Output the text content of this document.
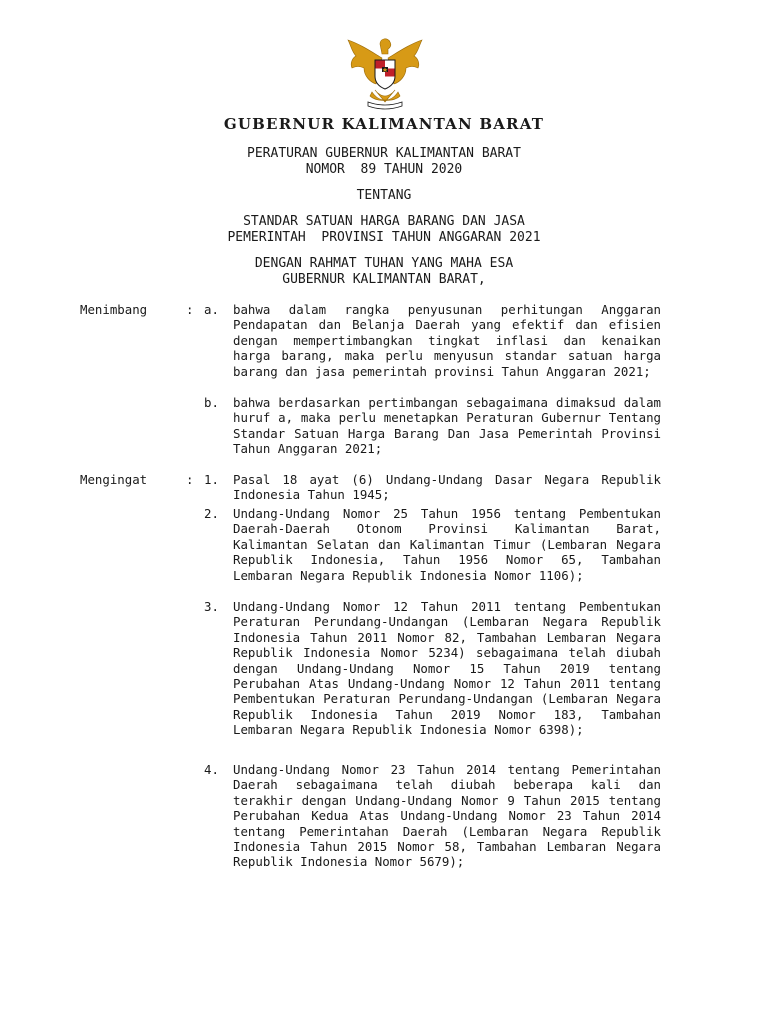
GUBERNUR KALIMANTAN BARAT
PERATURAN GUBERNUR KALIMANTAN BARAT
NOMOR  89 TAHUN 2020
TENTANG
STANDAR SATUAN HARGA BARANG DAN JASA
PEMERINTAH  PROVINSI TAHUN ANGGARAN 2021
DENGAN RAHMAT TUHAN YANG MAHA ESA
GUBERNUR KALIMANTAN BARAT,
Menimbang	: a. bahwa dalam rangka penyusunan perhitungan Anggaran Pendapatan dan Belanja Daerah yang efektif dan efisien dengan mempertimbangkan tingkat inflasi dan kenaikan harga barang, maka perlu menyusun standar satuan harga barang dan jasa pemerintah provinsi Tahun Anggaran 2021;
b. bahwa berdasarkan pertimbangan sebagaimana dimaksud dalam huruf a, maka perlu menetapkan Peraturan Gubernur Tentang Standar Satuan Harga Barang Dan Jasa Pemerintah Provinsi Tahun Anggaran 2021;
Mengingat	: 1. Pasal 18 ayat (6) Undang-Undang Dasar Negara Republik Indonesia Tahun 1945;
2. Undang-Undang Nomor 25 Tahun 1956 tentang Pembentukan Daerah-Daerah Otonom Provinsi Kalimantan Barat, Kalimantan Selatan dan Kalimantan Timur (Lembaran Negara Republik Indonesia, Tahun 1956 Nomor 65, Tambahan Lembaran Negara Republik Indonesia Nomor 1106);
3. Undang-Undang Nomor 12 Tahun 2011 tentang Pembentukan Peraturan Perundang-Undangan (Lembaran Negara Republik Indonesia Tahun 2011 Nomor 82, Tambahan Lembaran Negara Republik Indonesia Nomor 5234) sebagaimana telah diubah dengan Undang-Undang Nomor 15 Tahun 2019 tentang Perubahan Atas Undang-Undang Nomor 12 Tahun 2011 tentang Pembentukan Peraturan Perundang-Undangan (Lembaran Negara Republik Indonesia Tahun 2019 Nomor 183, Tambahan Lembaran Negara Republik Indonesia Nomor 6398);
4. Undang-Undang Nomor 23 Tahun 2014 tentang Pemerintahan Daerah sebagaimana telah diubah beberapa kali dan terakhir dengan Undang-Undang Nomor 9 Tahun 2015 tentang Perubahan Kedua Atas Undang-Undang Nomor 23 Tahun 2014 tentang Pemerintahan Daerah (Lembaran Negara Republik Indonesia Tahun 2015 Nomor 58, Tambahan Lembaran Negara Republik Indonesia Nomor 5679);
